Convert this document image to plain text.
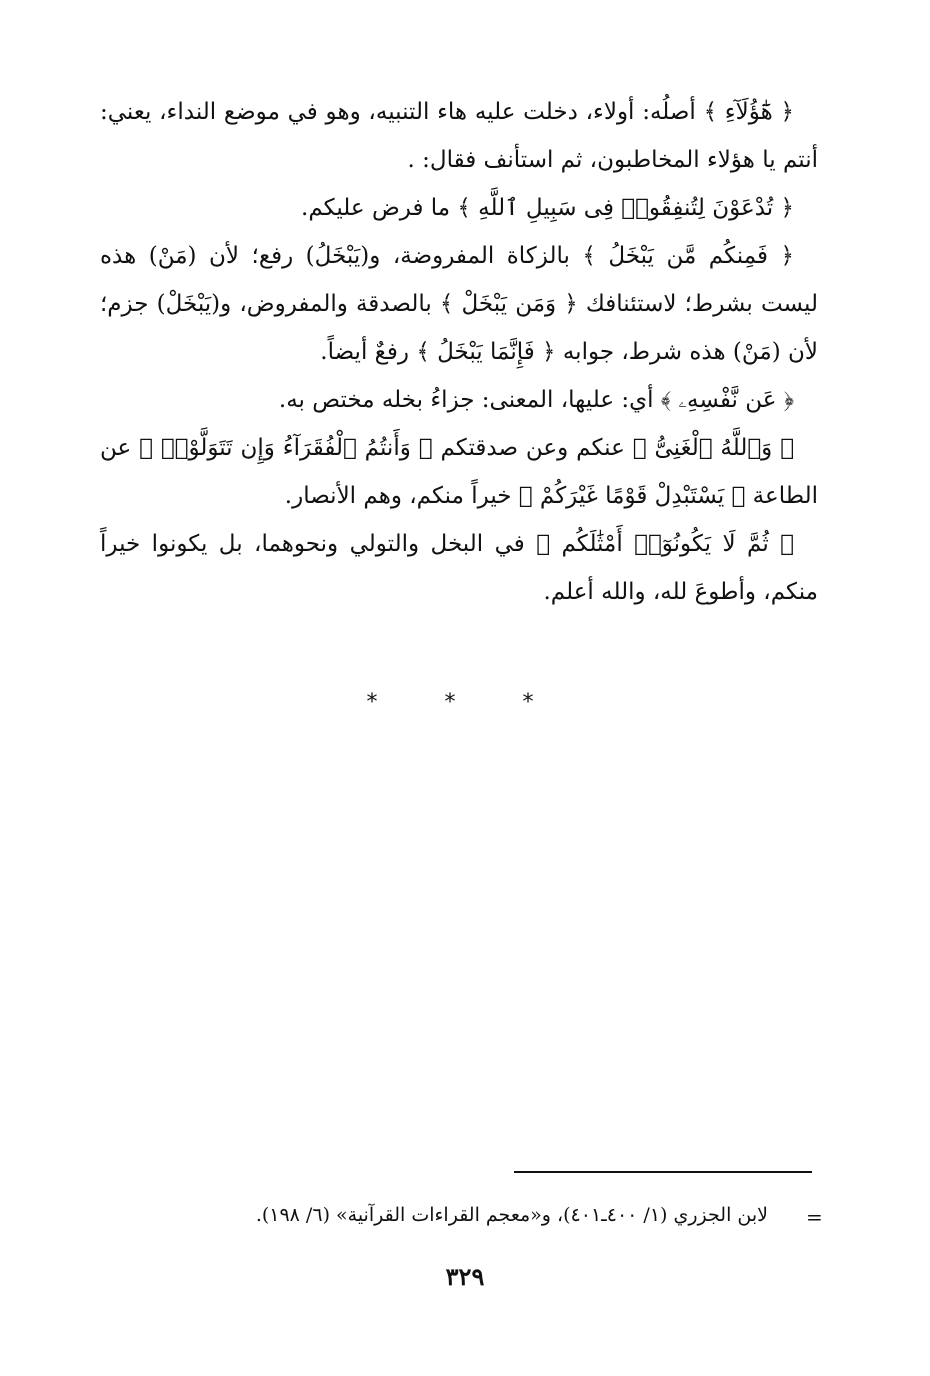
﴿ هَٰٓؤُلَآءِ ﴾ أصلُه: أولاء، دخلت عليه هاء التنبيه، وهو في موضع النداء، يعني: أنتم يا هؤلاء المخاطبون، ثم استأنف فقال: .

﴿ تُدْعَوْنَ لِتُنفِقُوا۟ فِى سَبِيلِ ٱللَّهِ ﴾ ما فرض عليكم.

﴿ فَمِنكُم مَّن يَبْخَلُ ﴾ بالزكاة المفروضة، و(يَبْخَلُ) رفع؛ لأن (مَنْ) هذه ليست بشرط؛ لاستئنافك ﴿ وَمَن يَبْخَلْ ﴾ بالصدقة والمفروض، و(يَبْخَلْ) جزم؛ لأن (مَنْ) هذه شرط، جوابه ﴿ فَإِنَّمَا يَبْخَلُ ﴾ رفعٌ أيضاً.

﴿ عَن نَّفْسِهِۦ ﴾ أي: عليها، المعنى: جزاءُ بخله مختص به.

﴿ وَٱللَّهُ ٱلْغَنِىُّ ﴾ عنكم وعن صدقتكم ﴿ وَأَنتُمُ ٱلْفُقَرَآءُ وَإِن تَتَوَلَّوْا۟ ﴾ عن الطاعة ﴿ يَسْتَبْدِلْ قَوْمًا غَيْرَكُمْ ﴾ خيراً منكم، وهم الأنصار.

﴿ ثُمَّ لَا يَكُونُوٓا۟ أَمْثَٰلَكُم ﴾ في البخل والتولي ونحوهما، بل يكونوا خيراً منكم، وأطوعَ لله، والله أعلم.

* * *
=
لابن الجزري (١/ ٤٠٠ـ٤٠١)، و«معجم القراءات القرآنية» (٦/ ١٩٨).
٣٢٩
